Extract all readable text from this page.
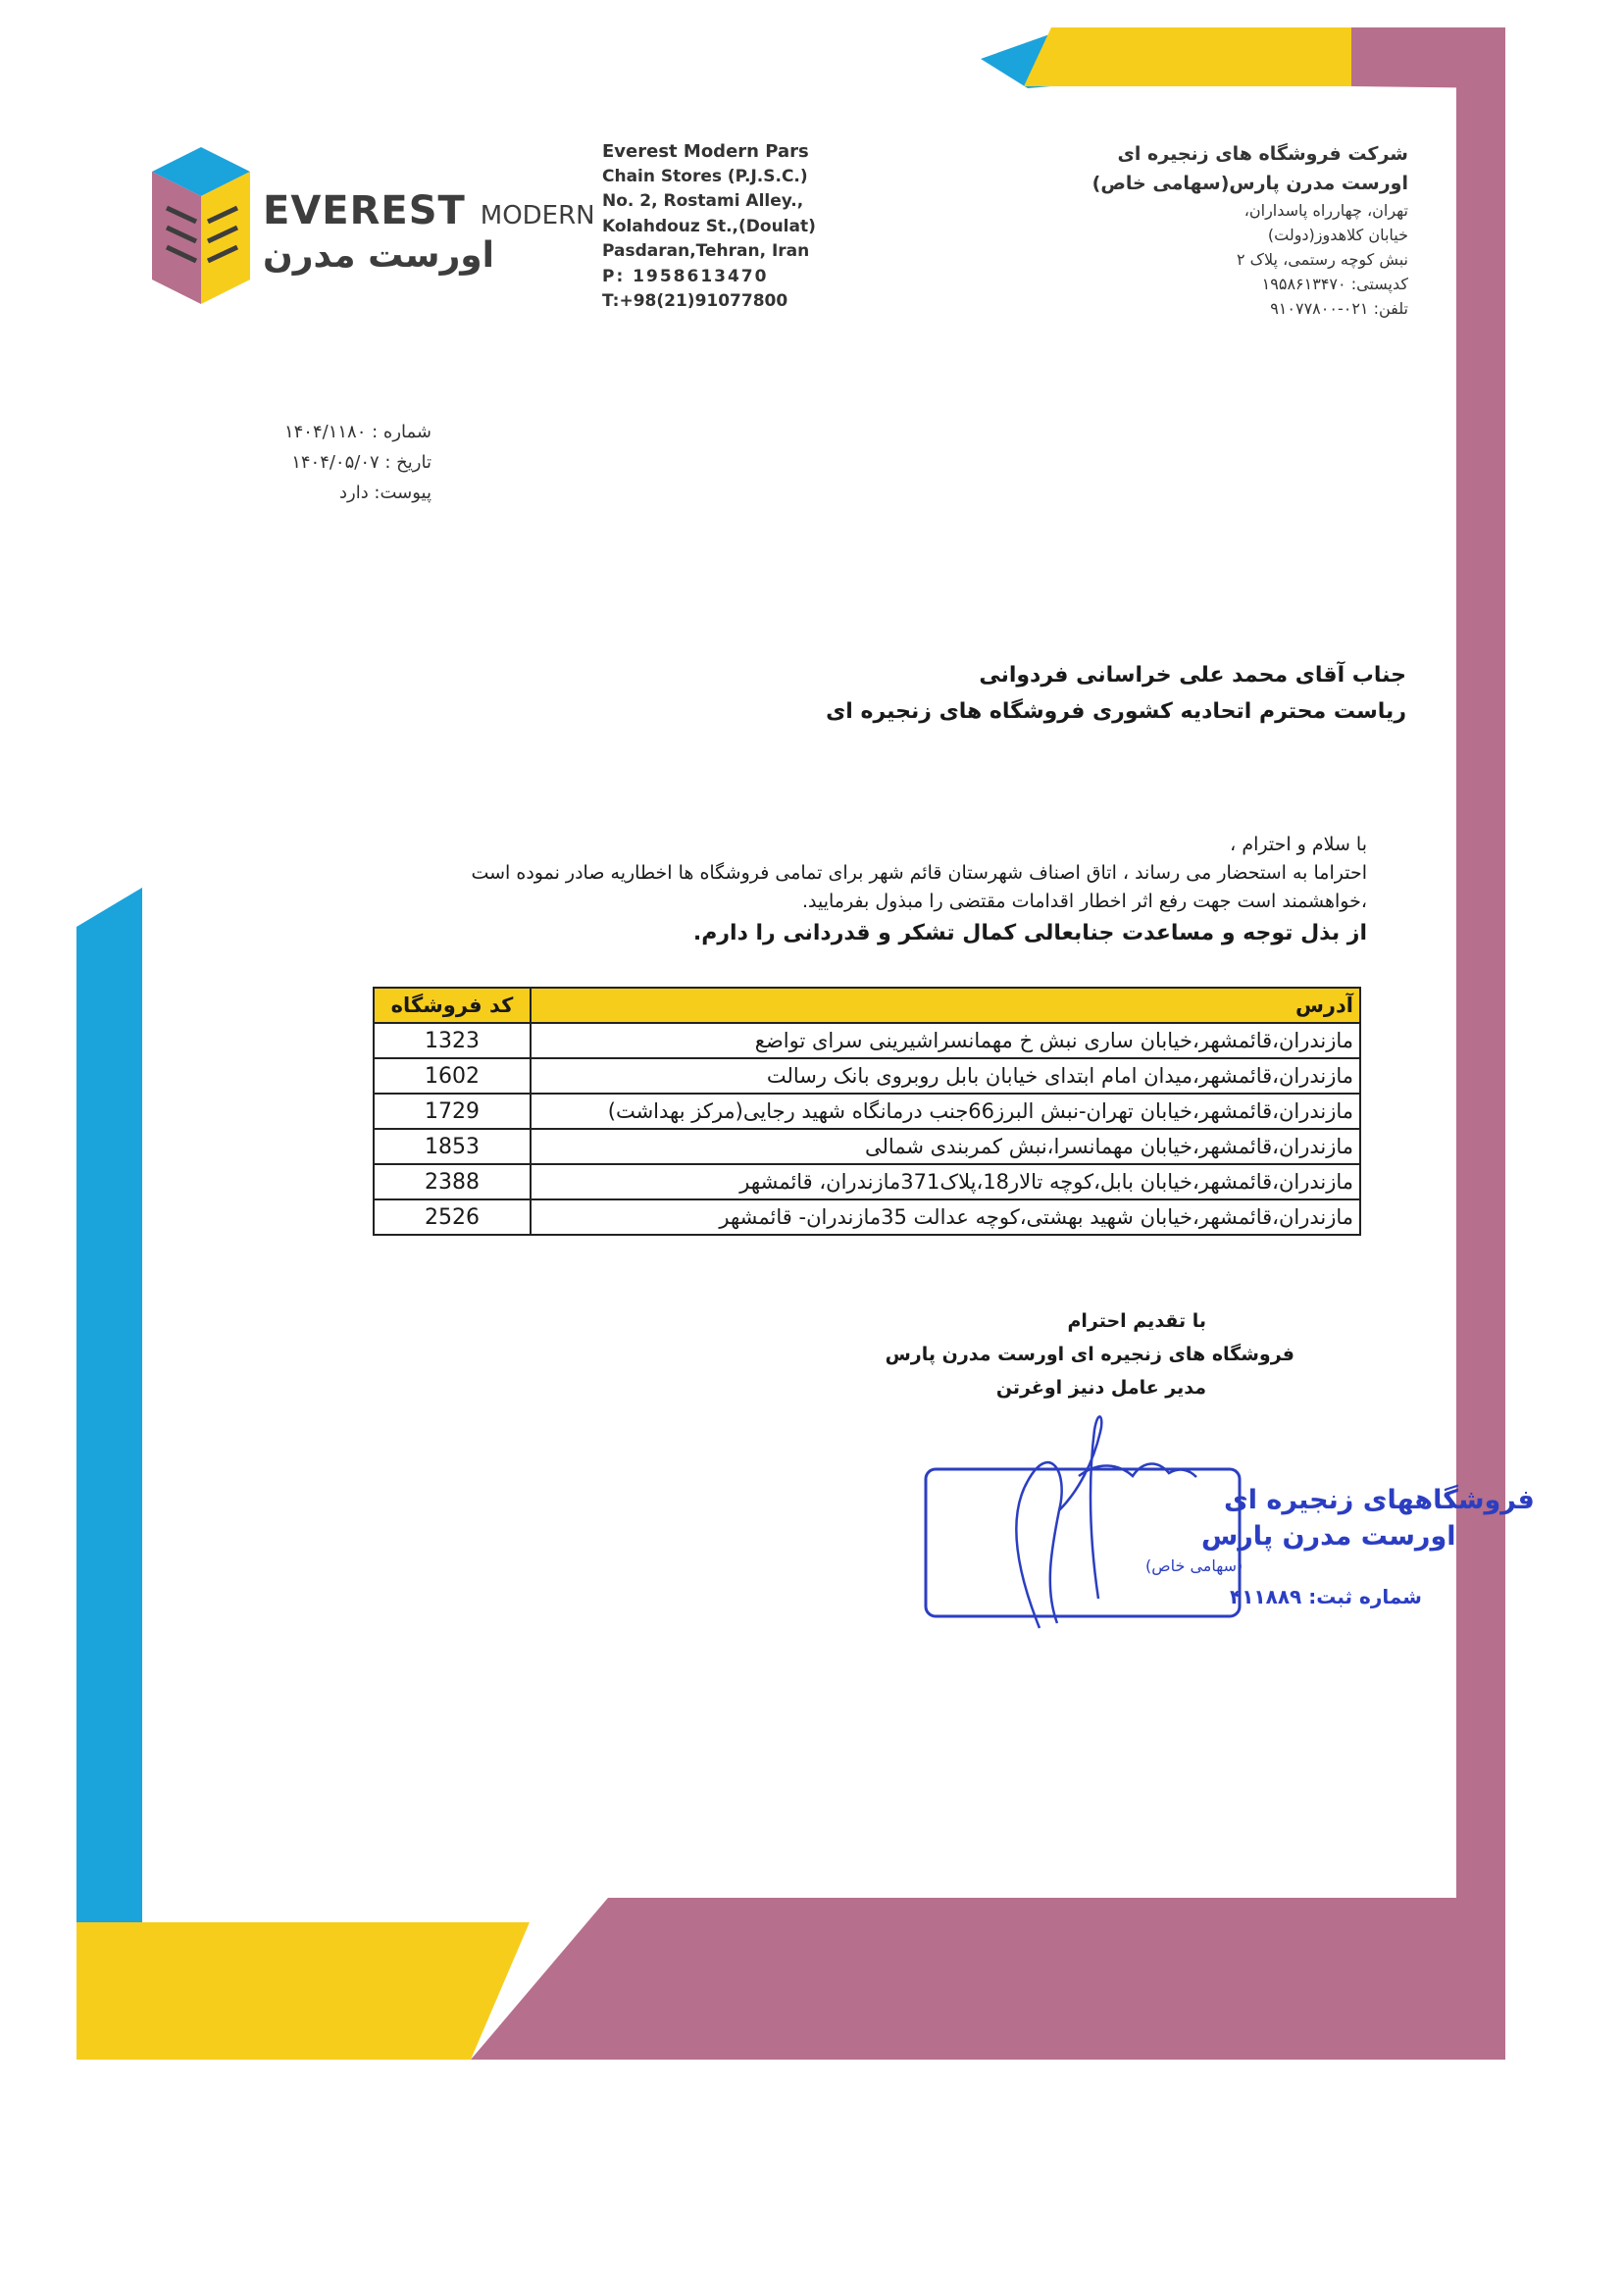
EVEREST MODERN
اورست مدرن
Everest Modern Pars
Chain Stores (P.J.S.C.)
No. 2, Rostami Alley.,
Kolahdouz St.,(Doulat)
Pasdaran,Tehran, Iran
P: 1958613470
T:+98(21)91077800
شرکت فروشگاه های زنجیره ای
اورست مدرن پارس(سهامی خاص)
تهران، چهارراه پاسداران،
خیابان کلاهدوز(دولت)
نبش کوچه رستمی، پلاک ۲
کدپستی: ۱۹۵۸۶۱۳۴۷۰
تلفن: ۰۲۱-۹۱۰۷۷۸۰۰
شماره : ۱۴۰۴/۱۱۸۰
تاریخ : ۱۴۰۴/۰۵/۰۷
پیوست: دارد
جناب آقای محمد علی خراسانی فردوانی
ریاست محترم اتحادیه کشوری فروشگاه های زنجیره ای
با سلام و احترام ،
احتراما به استحضار می رساند ، اتاق اصناف شهرستان قائم شهر برای تمامی فروشگاه ها اخطاریه صادر نموده است
،خواهشمند است جهت رفع اثر اخطار اقدامات مقتضی را مبذول بفرمایید.
از بذل توجه و مساعدت جنابعالی کمال تشکر و قدردانی را دارم.
آدرس	کد فروشگاه
مازندران،قائمشهر،خیابان ساری نبش خ مهمانسراشیرینی سرای تواضع	1323
مازندران،قائمشهر،میدان امام ابتدای خیابان بابل روبروی بانک رسالت	1602
مازندران،قائمشهر،خیابان تهران-نبش البرز66جنب درمانگاه شهید رجایی(مرکز بهداشت)	1729
مازندران،قائمشهر،خیابان مهمانسرا،نبش کمربندی شمالی	1853
مازندران،قائمشهر،خیابان بابل،کوچه تالار18،پلاک371مازندران، قائمشهر	2388
مازندران،قائمشهر،خیابان شهید بهشتی،کوچه عدالت 35مازندران- قائمشهر	2526
با تقدیم احترام
فروشگاه های زنجیره ای اورست مدرن پارس
مدیر عامل دنیز اوغرتن
فروشگاههای زنجیره ای
اورست مدرن پارس
(سهامی خاص)
شماره ثبت: ۴۱۱۸۸۹
